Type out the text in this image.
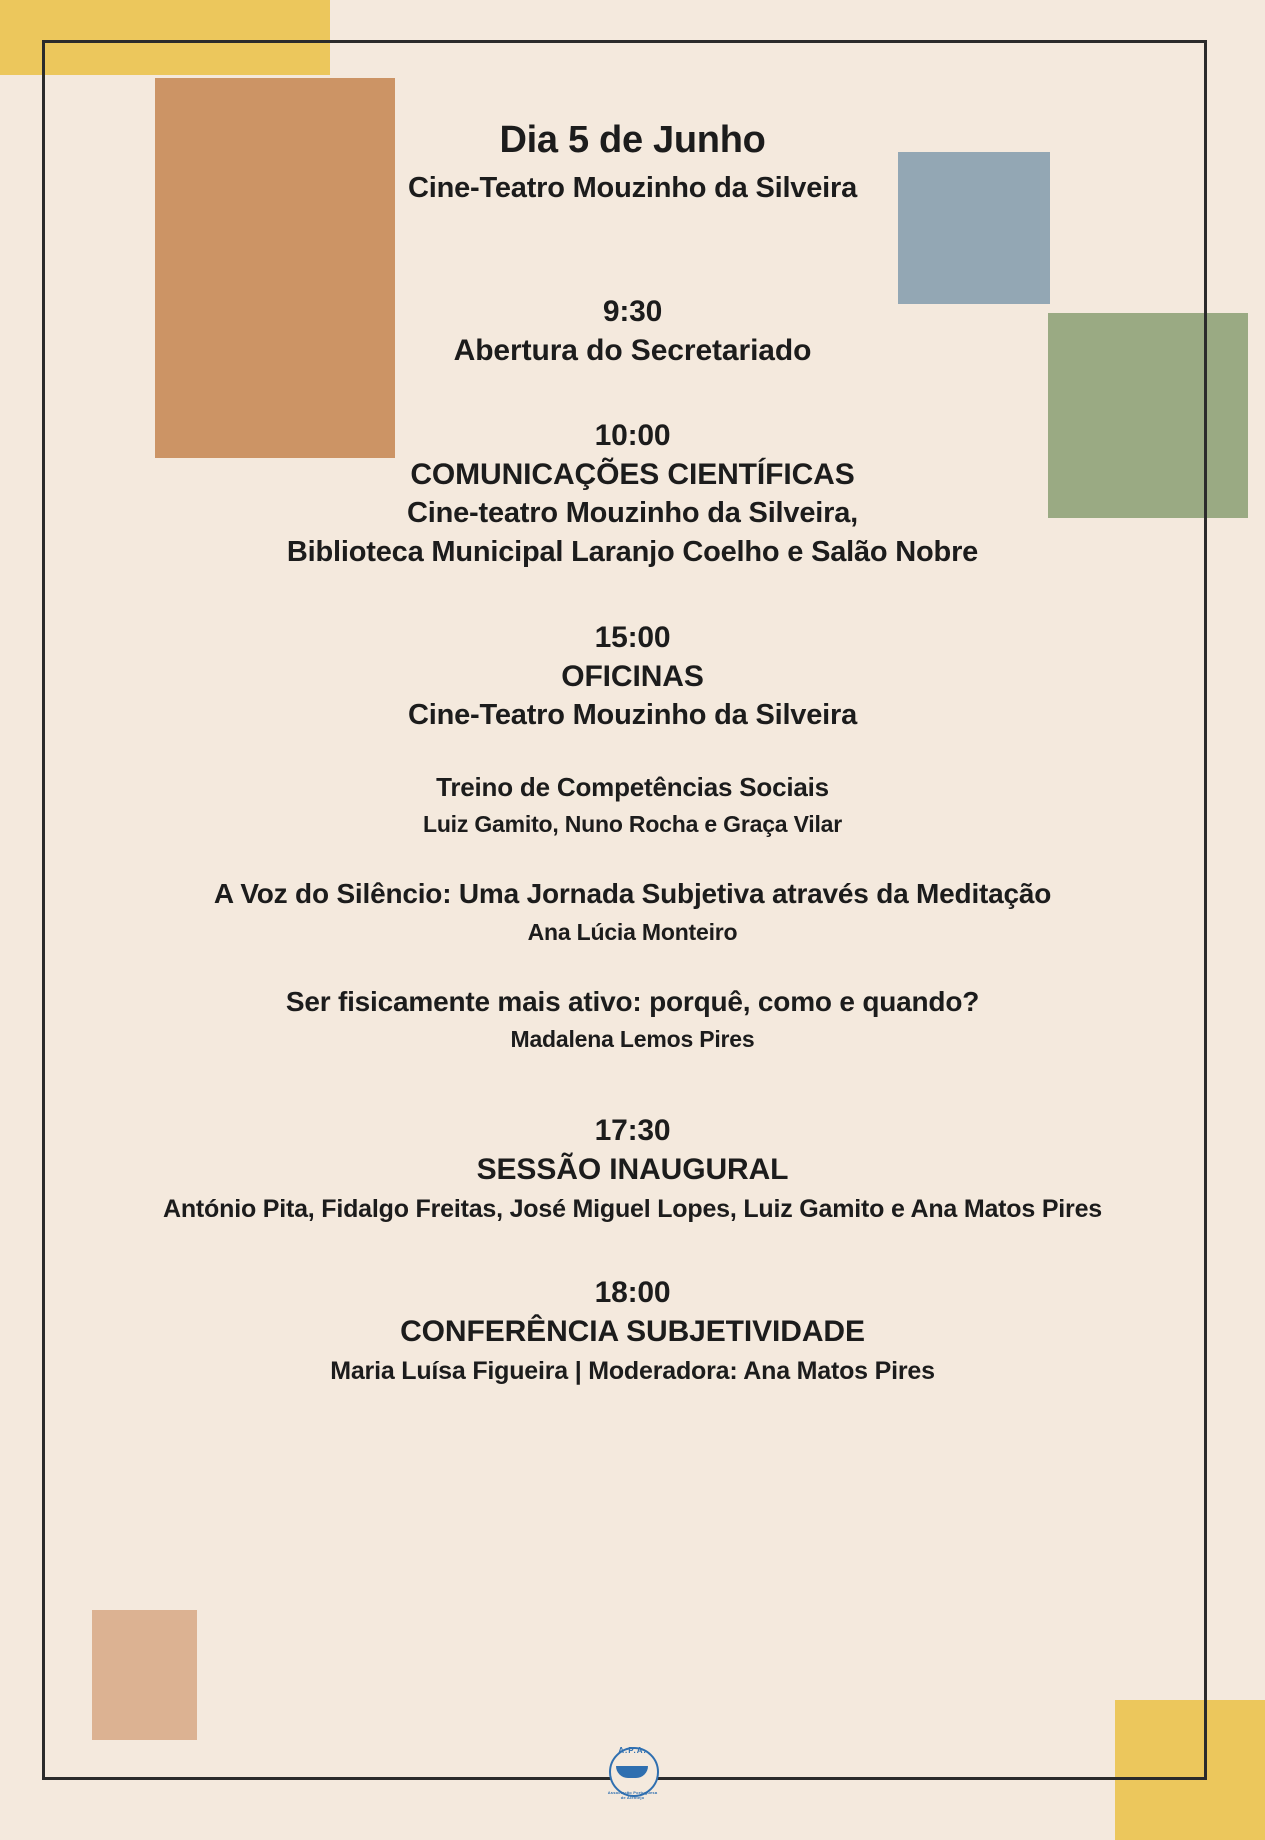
Dia 5 de Junho
Cine-Teatro Mouzinho da Silveira
9:30
Abertura do Secretariado
10:00
COMUNICAÇÕES CIENTÍFICAS
Cine-teatro Mouzinho da Silveira,
Biblioteca Municipal Laranjo Coelho e Salão Nobre
15:00
OFICINAS
Cine-Teatro Mouzinho da Silveira
Treino de Competências Sociais
Luiz Gamito, Nuno Rocha e Graça Vilar
A Voz do Silêncio: Uma Jornada Subjetiva através da Meditação
Ana Lúcia Monteiro
Ser fisicamente mais ativo: porquê, como e quando?
Madalena Lemos Pires
17:30
SESSÃO INAUGURAL
António Pita, Fidalgo Freitas, José Miguel Lopes, Luiz Gamito e Ana Matos Pires
18:00
CONFERÊNCIA SUBJETIVIDADE
Maria Luísa Figueira | Moderadora: Ana Matos Pires
A.P.A.
Associação Portuguesa de Alentejo
